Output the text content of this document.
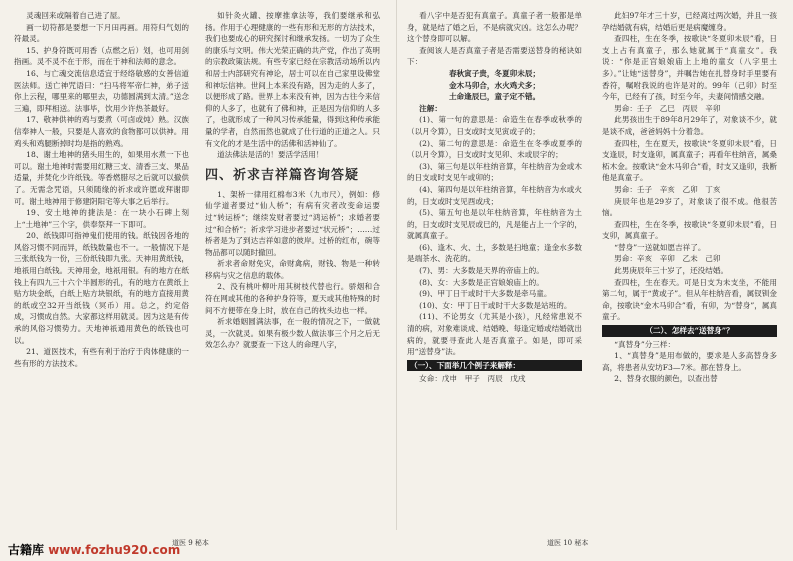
灵魂回来或隔着自己进了屋。

画一切符都是要想一下月田再画。用符归气划的符最灵。

15、护身符既可用香（点燃之后）划，也可用剑指画。灵不灵不在于形，而在于神和法师的意念。

16、与亡魂交流信息适宜于经络敏感的女善信道医法师。送亡神咒语曰：“扫马将军帝仁神，弟子送你上云程，哪里来的哪里去，功德圆满到太清。”送念三遍，即拜相送。法事毕，饮用少许热茶最好。

17、敬神供神的鸡与要煮（可卤或炖）熟。汉族信奉神人一般，只要是人喜欢的食物都可以供神。用鸡头和鸡腿断掉时均是指的熟鸡。

18、谢土地神的猪头用生的，如果用水煮一下也可以。谢土地神时需要用红糖三支、清香三支、果品适量，并焚化少许纸钱。等香燃腊尽之后就可以撤供了。无需念咒语，只须随缘的祈求或许愿或拜谢即可。谢土地神用于修建阴阳宅等大事之后举行。

19、安土地神的捷法是：在一块小石碑上刻上“土地神”三个字，供奉祭拜一下即可。

20、纸钱即可指神鬼们使用的钱。纸钱因各地的风俗习惯不同而异，纸钱数量也不一。一般情况下是三张纸钱为一份，三份纸钱即九张。天神用黄纸钱，地祇用白纸钱。天神用金，地祇用银。有的地方在纸钱上有四九三十六个半圆形的孔，有的地方在黄纸上贴方块金纸，白纸上贴方块银纸，有的地方直接用黄的纸或空32开当纸钱（冥币）用。总之，约定俗成，习惯成自然。大家都这样用就灵。因为这是有传承的风俗习惯势力。天地神祇通用黄色的纸钱也可以。

21、道医技术，有些有利于治疗于肉体健康的一些有形的方法技术。

如针灸火罐、按摩推拿法等，我们要继承和弘扬。作用于心理健康的一些有形和无形的方法技术，我们也要成心的研究探讨和继承发扬。一切为了众生的康乐与文明。伟大光荣正确的共产党，作出了英明的宗教政策法规。有些专家已经在宗教活动场所以内和居士内部研究有神论，居士可以在自己家里设佛堂和神坛信神。世间上本来没有路，因为走的人多了，以便形成了路。世界上本来没有神，因为古往今来信仰的人多了，也就有了佛和神，正是因为信仰的人多了，也就形成了一种风习传承能量，得到这种传承能量的学者，自然而然也就成了仕行道的正道之人。只有文化的才是生活中的活佛和活神仙了。

道法佛法是活的！要活学活用！

四、祈求吉祥篇咨询答疑

1、架桥一律用红棉布3米（九市尺），例如：修仙学道者要过“仙人桥”；有病有灾者改变命运要过“转运桥”；继续发财者要过“鸿运桥”；求婚者要过“和合桥”；祈求学习进步者要过“状元桥”；……过桥者是为了到达吉祥如意的彼岸。过桥的红布，碗等物品都可以随时撤回。

祈求者命财免灾，命财禽病，财钱、物是一种转移病与灾之信息的载体。

2、没有桃叶柳叶用其树枝代替也行。骄烟和合符在网或其他的各种护身符等，夏天或其他特殊的时间不方便带在身上时，放在自己的枕头边也一样。

祈求婚姻圆满法事，在一般的情况之下，一做就灵，一次就灵。如果有极少数人做法事三个月之后无效怎么办？就要查一下这人的命理八字，

道医 9 秘本

看八字中是否犯有真童子。真童子者一般都是单身，就是结了婚之后，不是病就灾凶。这怎么办呢？这个替身即可以解。

查阅该人是否真童子者是否需要送替身的秘诀如下：

春秋寅子贵，冬夏卯未辰；

金木马卯合，水火鸡犬多；

土命逢辰巳，童子定不错。

注解：

(1)、第一句的意思是：命造生在春季或秋季的（以月令算），日支或时支见寅或子的；

(2)、第二句的意思是：命造生在冬季或夏季的（以月令算），日支或时支见卯、未或辰字的；

(3)、第三句是以年柱纳音算，年柱纳音为金或木的日支或时支见午或卯的；

(4)、第四句是以年柱纳音算，年柱纳音为水或火的，日支或时支见酉或戌；

(5)、第五句也是以年柱纳音算，年柱纳音为土的，日支或时支见辰或巳的，凡是能占上一个字的，就属真童子。

(6)、逢木、火、土，多数是扫地童；逢金水多数是端茶水、洗花的。

(7)、男：大多数是天界的帝庙上的。

(8)、女：大多数是正宫娘娘庙上的。

(9)、甲丁日干或时干大多数是牵马童。

(10)、女：甲丁日干或时干大多数是站班的。

(11)、不论男女（尤其是小孩），凡经常患说不清的病，对象难谈成、结婚晚、每逢定婚或结婚就出病的，就要寻查此人是否真童子。如是，即可采用“送替身”法。

（一）、下面举几个例子来解释：

女命：戊申　甲子　丙辰　戊戌

此妇97年才三十岁，已经离过两次婚，并且一孩孕结婚就有病，结婚后更是病魔缠身。

查四柱，生在冬季，按歌诀“冬夏卯未辰”看，日支上占有真童子，那么她就属于“真童女”。我说：“你是正宫娘娘庙上上地的童女（八字里土多）。”让她“送替身”，并嘱告她在扎替身时手里要有香符，嘱咐我说的也许是对的。99年（己卯）时至今年，已经有了孩，时至今年，夫妻间情感交融。

男命：壬子　乙巳　丙辰　辛卯

此男孩出生于89年8月29年了，对象谈不少，就是谈不成，爸爸妈妈十分着急。

查四柱，生在夏天，按歌诀“冬夏卯未辰”看，日支逢辰，时支逢卯，属真童子；再看年柱纳音，属桑柘木金。按歌诀“金木马卯合”看，时支又逢卯，我断他是真童子。

男命：壬子　辛亥　乙卯　丁亥

庚辰年也是29岁了，对象谈了很不成。他很苦恼。

查四柱，生在冬季，按歌诀“冬夏卯未辰”看，日支卯，属真童子。

“替身”一送就如愿吉祥了。

男命：辛亥　辛卯　乙未　己卯

此男庚辰年三十岁了，还没结婚。

查四柱，生在春天。可是日支为未支坐，不能用第二句，属于“黄或子”。但从年柱纳音看，属钗钏金命，按歌诀“金木马卯合”看，有卯，为“替身”，属真童子。

（二）、怎样去“送替身”？

“真替身”分三样：

1、“真替身”是用布做的，要求是人多高替身多高，将患者从安坊F3—7米。都在替身上。

2、替身衣服的颜色，以查出替

道医 10 秘本
古籍库 www.fozhu920.com
